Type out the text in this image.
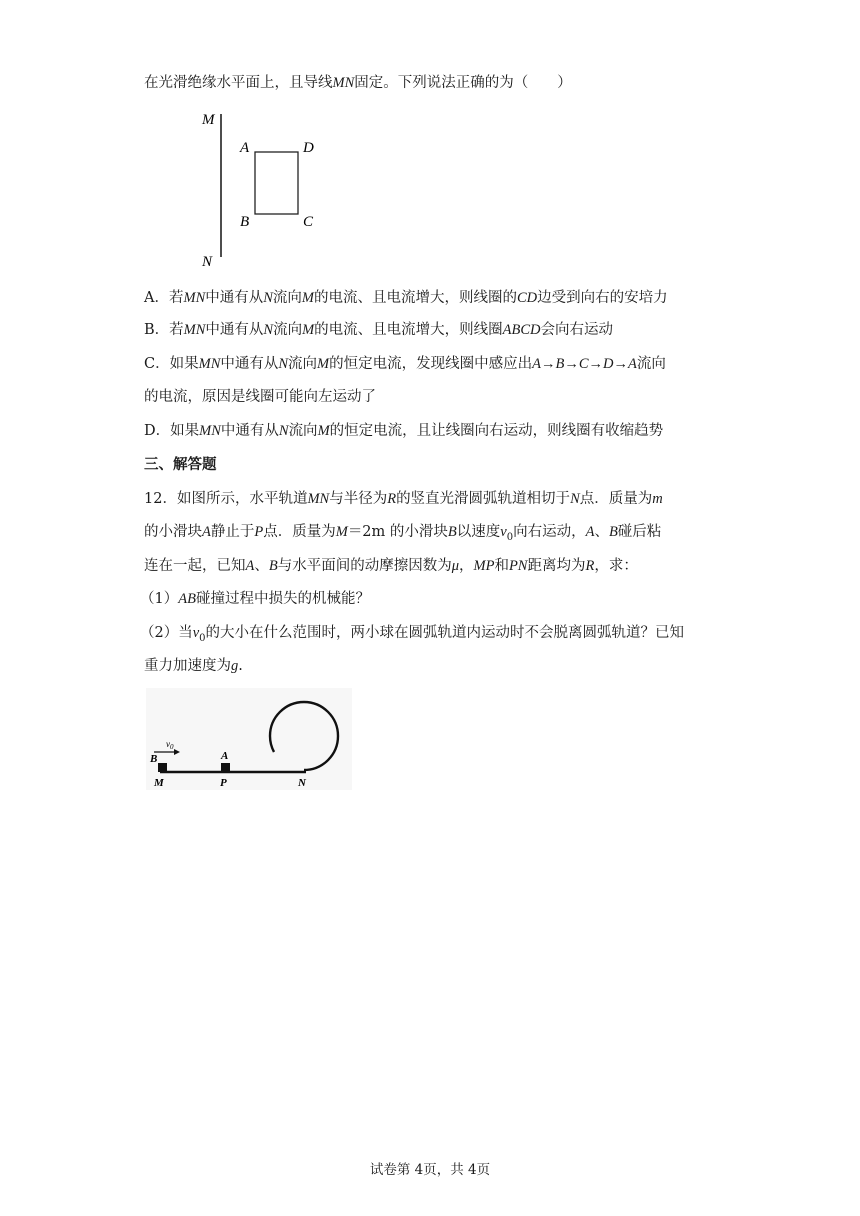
在光滑绝缘水平面上，且导线MN固定。下列说法正确的为（　　）
M
N
A	D
B	C
A．若MN中通有从N流向M的电流、且电流增大，则线圈的CD边受到向右的安培力
B．若MN中通有从N流向M的电流、且电流增大，则线圈ABCD会向右运动
C．如果MN中通有从N流向M的恒定电流，发现线圈中感应出A→B→C→D→A流向
的电流，原因是线圈可能向左运动了
D．如果MN中通有从N流向M的恒定电流，且让线圈向右运动，则线圈有收缩趋势
三、解答题
12．如图所示，水平轨道MN与半径为R的竖直光滑圆弧轨道相切于N点．质量为m
的小滑块A静止于P点．质量为M＝2m 的小滑块B以速度$v_0$向右运动，A、B碰后粘
连在一起，已知A、B与水平面间的动摩擦因数为μ，MP和PN距离均为R，求：
（1）AB碰撞过程中损失的机械能？
（2）当$v_0$的大小在什么范围时，两小球在圆弧轨道内运动时不会脱离圆弧轨道？已知
重力加速度为g.
$v_0$
B	A
M	P	N
试卷第 4页，共 4页
